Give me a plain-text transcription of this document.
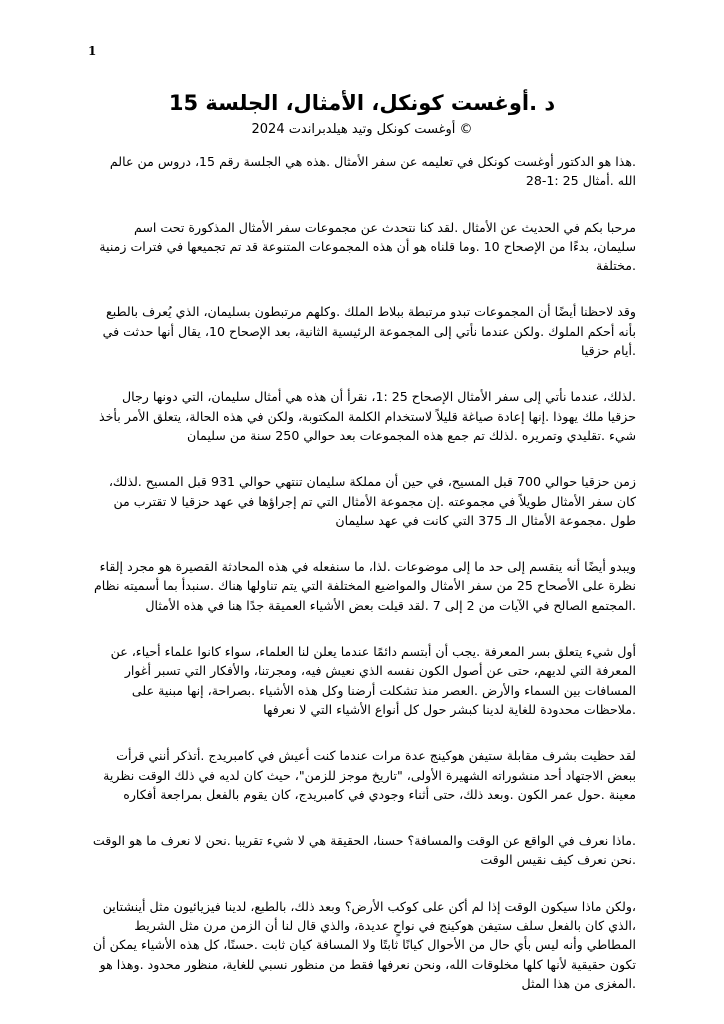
1
د .أوغست كونكل، الأمثال، الجلسة 15
أوغست كونكل وتيد هيلدبراندت 2024 ©

.هذا هو الدكتور أوغست كونكل في تعليمه عن سفر الأمثال .هذه هي الجلسة رقم 15، دروس من عالم الله .أمثال 25 :1-28

مرحبا بكم في الحديث عن الأمثال .لقد كنا نتحدث عن مجموعات سفر الأمثال المذكورة تحت اسم سليمان، بدءًا من الإصحاح 10 .وما قلناه هو أن هذه المجموعات المتنوعة قد تم تجميعها في فترات زمنية .مختلفة

وقد لاحظنا أيضًا أن المجموعات تبدو مرتبطة ببلاط الملك .وكلهم مرتبطون بسليمان، الذي يُعرف بالطبع بأنه أحكم الملوك .ولكن عندما نأتي إلى المجموعة الرئيسية الثانية، بعد الإصحاح 10، يقال أنها حدثت في .أيام حزقيا

.لذلك، عندما نأتي إلى سفر الأمثال الإصحاح 25 :1، نقرأ أن هذه هي أمثال سليمان، التي دونها رجال حزقيا ملك يهوذا .إنها إعادة صياغة قليلاً لاستخدام الكلمة المكتوبة، ولكن في هذه الحالة، يتعلق الأمر بأخذ شيء .تقليدي وتمريره .لذلك تم جمع هذه المجموعات بعد حوالي 250 سنة من سليمان

زمن حزقيا حوالي 700 قبل المسيح، في حين أن مملكة سليمان تنتهي حوالي 931 قبل المسيح .لذلك، كان سفر الأمثال طويلاً في مجموعته .إن مجموعة الأمثال التي تم إجراؤها في عهد حزقيا لا تقترب من طول .مجموعة الأمثال الـ 375 التي كانت في عهد سليمان

ويبدو أيضًا أنه ينقسم إلى حد ما إلى موضوعات .لذا، ما سنفعله في هذه المحادثة القصيرة هو مجرد إلقاء نظرة على الأصحاح 25 من سفر الأمثال والمواضيع المختلفة التي يتم تناولها هناك .سنبدأ بما أسميته نظام .المجتمع الصالح في الآيات من 2 إلى 7 .لقد قيلت بعض الأشياء العميقة جدًا هنا في هذه الأمثال

أول شيء يتعلق بسر المعرفة .يجب أن أبتسم دائمًا عندما يعلن لنا العلماء، سواء كانوا علماء أحياء، عن المعرفة التي لديهم، حتى عن أصول الكون نفسه الذي نعيش فيه، ومجرتنا، والأفكار التي تسبر أغوار المسافات بين السماء والأرض .العصر منذ تشكلت أرضنا وكل هذه الأشياء .بصراحة، إنها مبنية على .ملاحظات محدودة للغاية لدينا كبشر حول كل أنواع الأشياء التي لا نعرفها

لقد حظيت بشرف مقابلة ستيفن هوكينج عدة مرات عندما كنت أعيش في كامبريدج .أتذكر أنني قرأت ببعض الاجتهاد أحد منشوراته الشهيرة الأولى، "تاريخ موجز للزمن"، حيث كان لديه في ذلك الوقت نظرية معينة .حول عمر الكون .وبعد ذلك، حتى أثناء وجودي في كامبريدج، كان يقوم بالفعل بمراجعة أفكاره

.ماذا نعرف في الواقع عن الوقت والمسافة؟ حسنا، الحقيقة هي لا شيء تقريبا .نحن لا نعرف ما هو الوقت .نحن نعرف كيف نقيس الوقت

،ولكن ماذا سيكون الوقت إذا لم أكن على كوكب الأرض؟ وبعد ذلك، بالطبع، لدينا فيزيائيون مثل أينشتاين ،الذي كان بالفعل سلف ستيفن هوكينج في نواحٍ عديدة، والذي قال لنا أن الزمن مرن مثل الشريط المطاطي وأنه ليس بأي حال من الأحوال كيانًا ثابتًا ولا المسافة كيان ثابت .حسنًا، كل هذه الأشياء يمكن أن تكون حقيقية لأنها كلها مخلوقات الله، ونحن نعرفها فقط من منظور نسبي للغاية، منظور محدود .وهذا هو .المغزى من هذا المثل
